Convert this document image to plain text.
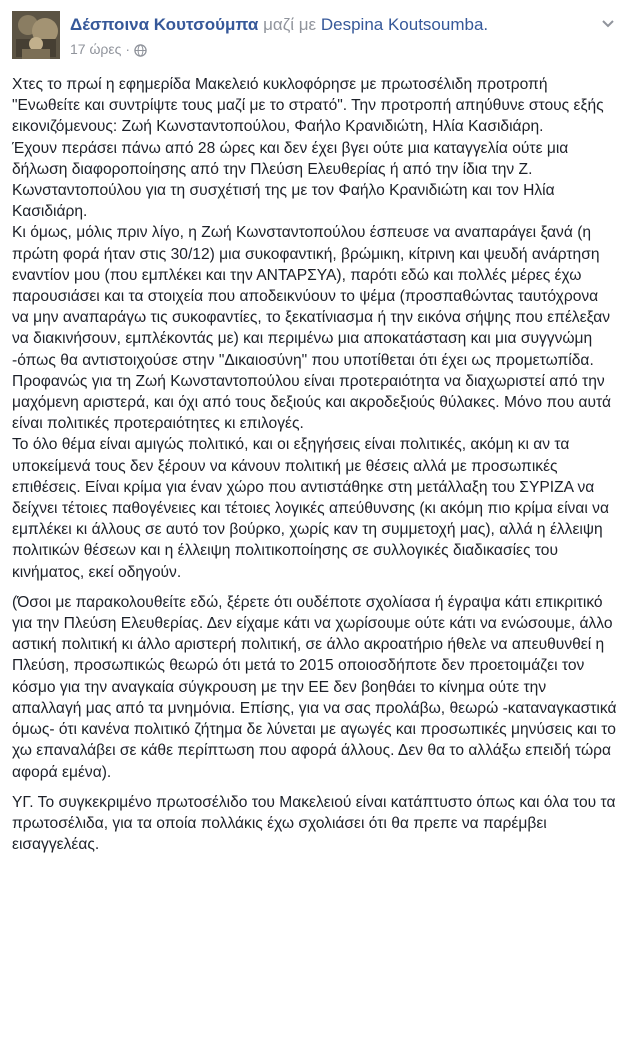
Δέσποινα Κουτσούμπα μαζί με Despina Koutsoumba.
17 ώρες ·

Χτες το πρωί η εφημερίδα Μακελειό κυκλοφόρησε με πρωτοσέλιδη προτροπή "Ενωθείτε και συντρίψτε τους μαζί με το στρατό". Την προτροπή απηύθυνε στους εξής εικονιζόμενους: Ζωή Κωνσταντοπούλου, Φαήλο Κρανιδιώτη, Ηλία Κασιδιάρη.

Έχουν περάσει πάνω από 28 ώρες και δεν έχει βγει ούτε μια καταγγελία ούτε μια δήλωση διαφοροποίησης από την Πλεύση Ελευθερίας ή από την ίδια την Ζ. Κωνσταντοπούλου για τη συσχέτισή της με τον Φαήλο Κρανιδιώτη και τον Ηλία Κασιδιάρη.

Κι όμως, μόλις πριν λίγο, η Ζωή Κωνσταντοπούλου έσπευσε να αναπαράγει ξανά (η πρώτη φορά ήταν στις 30/12) μια συκοφαντική, βρώμικη, κίτρινη και ψευδή ανάρτηση εναντίον μου (που εμπλέκει και την ΑΝΤΑΡΣΥΑ), παρότι εδώ και πολλές μέρες έχω παρουσιάσει και τα στοιχεία που αποδεικνύουν το ψέμα (προσπαθώντας ταυτόχρονα να μην αναπαράγω τις συκοφαντίες, το ξεκατίνιασμα ή την εικόνα σήψης που επέλεξαν να διακινήσουν, εμπλέκοντάς με) και περιμένω μια αποκατάσταση και μια συγγνώμη -όπως θα αντιστοιχούσε στην "Δικαιοσύνη" που υποτίθεται ότι έχει ως προμετωπίδα.

Προφανώς για τη Ζωή Κωνσταντοπούλου είναι προτεραιότητα να διαχωριστεί από την μαχόμενη αριστερά, και όχι από τους δεξιούς και ακροδεξιούς θύλακες. Μόνο που αυτά είναι πολιτικές προτεραιότητες κι επιλογές.

Το όλο θέμα είναι αμιγώς πολιτικό, και οι εξηγήσεις είναι πολιτικές, ακόμη κι αν τα υποκείμενά τους δεν ξέρουν να κάνουν πολιτική με θέσεις αλλά με προσωπικές επιθέσεις. Είναι κρίμα για έναν χώρο που αντιστάθηκε στη μετάλλαξη του ΣΥΡΙΖΑ να δείχνει τέτοιες παθογένειες και τέτοιες λογικές απεύθυνσης (κι ακόμη πιο κρίμα είναι να εμπλέκει κι άλλους σε αυτό τον βούρκο, χωρίς καν τη συμμετοχή μας), αλλά η έλλειψη πολιτικών θέσεων και η έλλειψη πολιτικοποίησης σε συλλογικές διαδικασίες του κινήματος, εκεί οδηγούν.

(Όσοι με παρακολουθείτε εδώ, ξέρετε ότι ουδέποτε σχολίασα ή έγραψα κάτι επικριτικό για την Πλεύση Ελευθερίας. Δεν είχαμε κάτι να χωρίσουμε ούτε κάτι να ενώσουμε, άλλο αστική πολιτική κι άλλο αριστερή πολιτική, σε άλλο ακροατήριο ήθελε να απευθυνθεί η Πλεύση, προσωπικώς θεωρώ ότι μετά το 2015 οποιοσδήποτε δεν προετοιμάζει τον κόσμο για την αναγκαία σύγκρουση με την ΕΕ δεν βοηθάει το κίνημα ούτε την απαλλαγή μας από τα μνημόνια. Επίσης, για να σας προλάβω, θεωρώ -καταναγκαστικά όμως- ότι κανένα πολιτικό ζήτημα δε λύνεται με αγωγές και προσωπικές μηνύσεις και το χω επαναλάβει σε κάθε περίπτωση που αφορά άλλους. Δεν θα το αλλάξω επειδή τώρα αφορά εμένα).

ΥΓ. Το συγκεκριμένο πρωτοσέλιδο του Μακελειού είναι κατάπτυστο όπως και όλα του τα πρωτοσέλιδα, για τα οποία πολλάκις έχω σχολιάσει ότι θα πρεπε να παρέμβει εισαγγελέας.
